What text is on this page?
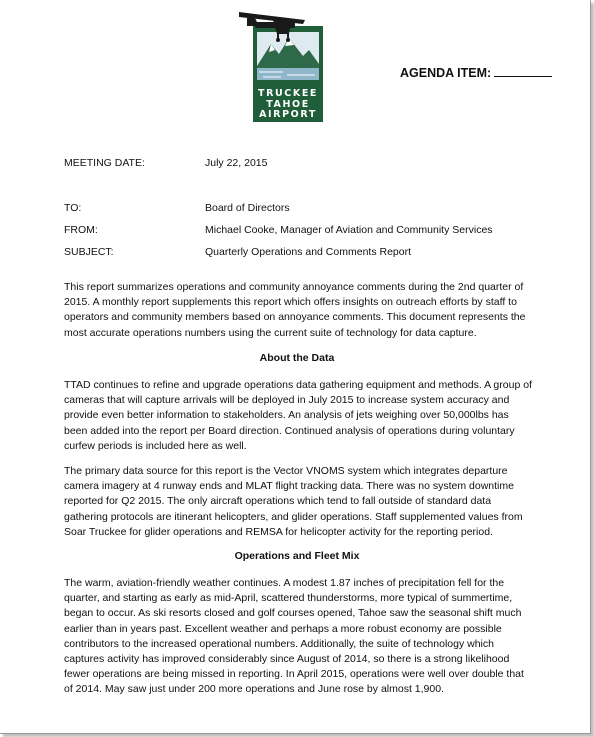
TRUCKEE
TAHOE
AIRPORT
AGENDA ITEM:
MEETING DATE:	July 22, 2015
TO:	Board of Directors
FROM:	Michael Cooke, Manager of Aviation and Community Services
SUBJECT:	Quarterly Operations and Comments Report
This report summarizes operations and community annoyance comments during the 2nd quarter of 2015. A monthly report supplements this report which offers insights on outreach efforts by staff to operators and community members based on annoyance comments. This document represents the most accurate operations numbers using the current suite of technology for data capture.
About the Data
TTAD continues to refine and upgrade operations data gathering equipment and methods. A group of cameras that will capture arrivals will be deployed in July 2015 to increase system accuracy and provide even better information to stakeholders. An analysis of jets weighing over 50,000lbs has been added into the report per Board direction. Continued analysis of operations during voluntary curfew periods is included here as well.
The primary data source for this report is the Vector VNOMS system which integrates departure camera imagery at 4 runway ends and MLAT flight tracking data. There was no system downtime reported for Q2 2015. The only aircraft operations which tend to fall outside of standard data gathering protocols are itinerant helicopters, and glider operations. Staff supplemented values from Soar Truckee for glider operations and REMSA for helicopter activity for the reporting period.
Operations and Fleet Mix
The warm, aviation-friendly weather continues. A modest 1.87 inches of precipitation fell for the quarter, and starting as early as mid-April, scattered thunderstorms, more typical of summertime, began to occur. As ski resorts closed and golf courses opened, Tahoe saw the seasonal shift much earlier than in years past. Excellent weather and perhaps a more robust economy are possible contributors to the increased operational numbers. Additionally, the suite of technology which captures activity has improved considerably since August of 2014, so there is a strong likelihood fewer operations are being missed in reporting. In April 2015, operations were well over double that of 2014. May saw just under 200 more operations and June rose by almost 1,900.
